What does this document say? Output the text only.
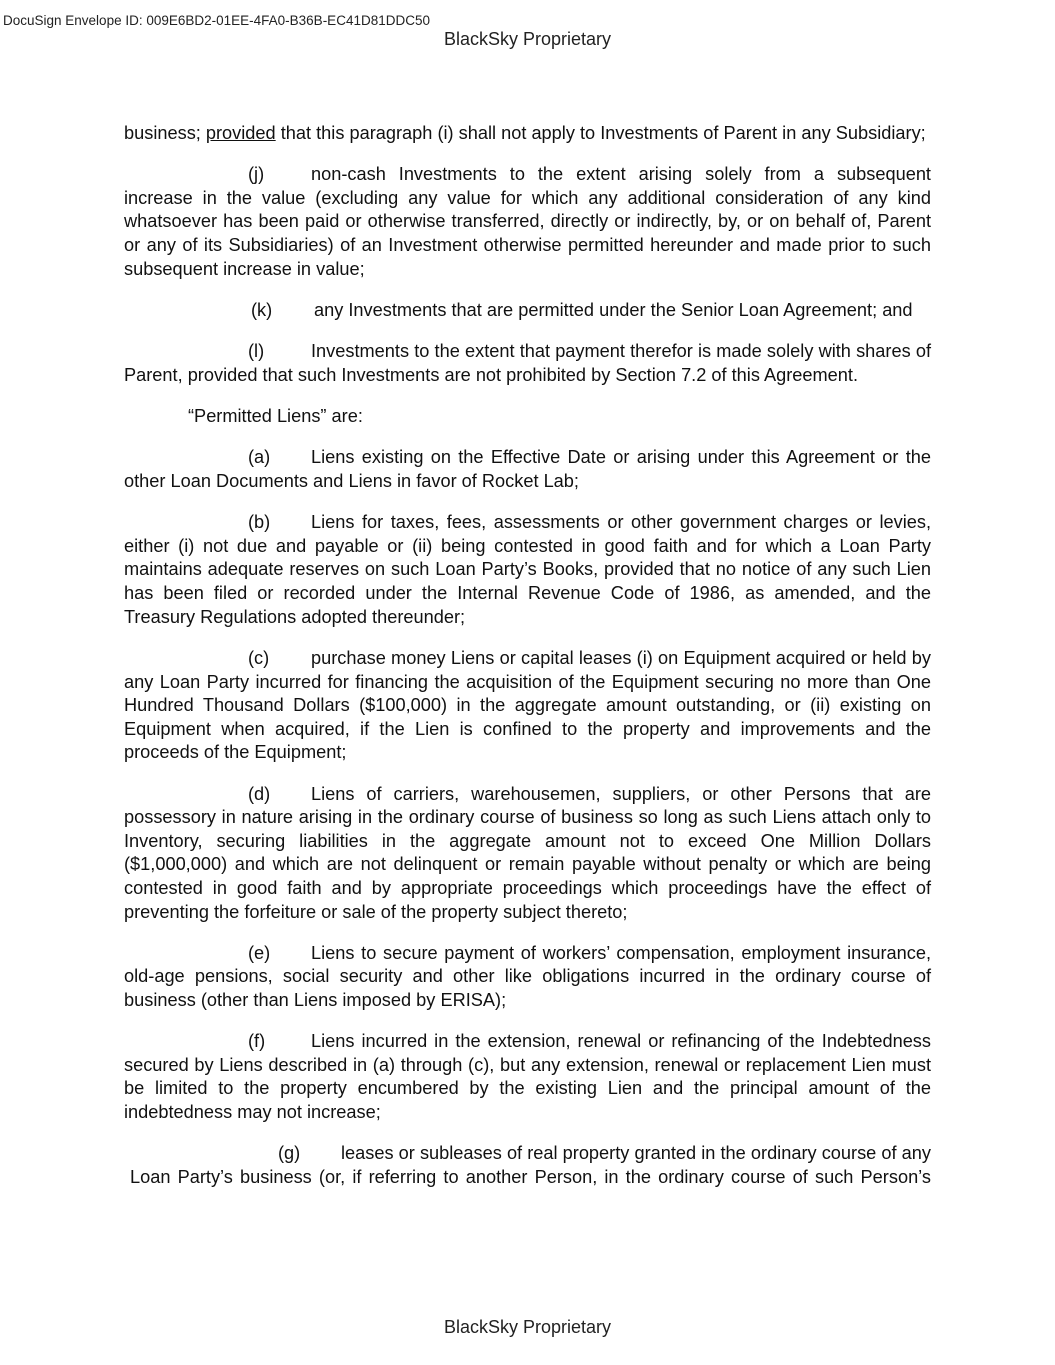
DocuSign Envelope ID: 009E6BD2-01EE-4FA0-B36B-EC41D81DDC50
BlackSky Proprietary

business; provided that this paragraph (i) shall not apply to Investments of Parent in any Subsidiary;

(j)	non-cash Investments to the extent arising solely from a subsequent increase in the value (excluding any value for which any additional consideration of any kind whatsoever has been paid or otherwise transferred, directly or indirectly, by, or on behalf of, Parent or any of its Subsidiaries) of an Investment otherwise permitted hereunder and made prior to such subsequent increase in value;

(k) any Investments that are permitted under the Senior Loan Agreement; and

(l)	Investments to the extent that payment therefor is made solely with shares of Parent, provided that such Investments are not prohibited by Section 7.2 of this Agreement.

“Permitted Liens” are:

(a) Liens existing on the Effective Date or arising under this Agreement or the other Loan Documents and Liens in favor of Rocket Lab;

(b) Liens for taxes, fees, assessments or other government charges or levies, either (i) not due and payable or (ii) being contested in good faith and for which a Loan Party maintains adequate reserves on such Loan Party’s Books, provided that no notice of any such Lien has been filed or recorded under the Internal Revenue Code of 1986, as amended, and the Treasury Regulations adopted thereunder;

(c) purchase money Liens or capital leases (i) on Equipment acquired or held by any Loan Party incurred for financing the acquisition of the Equipment securing no more than One Hundred Thousand Dollars ($100,000) in the aggregate amount outstanding, or (ii) existing on Equipment when acquired, if the Lien is confined to the property and improvements and the proceeds of the Equipment;

(d) Liens of carriers, warehousemen, suppliers, or other Persons that are possessory in nature arising in the ordinary course of business so long as such Liens attach only to Inventory, securing liabilities in the aggregate amount not to exceed One Million Dollars ($1,000,000) and which are not delinquent or remain payable without penalty or which are being contested in good faith and by appropriate proceedings which proceedings have the effect of preventing the forfeiture or sale of the property subject thereto;

(e) Liens to secure payment of workers’ compensation, employment insurance, old-age pensions, social security and other like obligations incurred in the ordinary course of business (other than Liens imposed by ERISA);

(f)	Liens incurred in the extension, renewal or refinancing of the Indebtedness secured by Liens described in (a) through (c), but any extension, renewal or replacement Lien must be limited to the property encumbered by the existing Lien and the principal amount of the indebtedness may not increase;

(g) leases or subleases of real property granted in the ordinary course of any Loan Party’s business (or, if referring to another Person, in the ordinary course of such Person’s

BlackSky Proprietary
